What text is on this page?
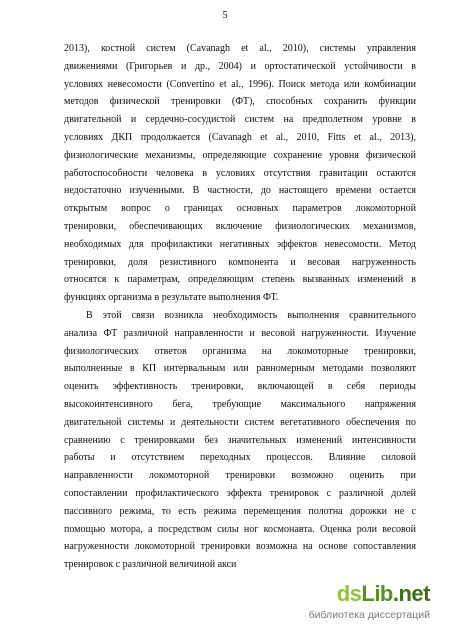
5
2013), костной систем (Cavanagh et al., 2010), системы управления
движениями (Григорьев и др., 2004) и ортостатической устойчивости в
условиях невесомости (Convertino et al., 1996). Поиск метода или комбинации
методов физической тренировки (ФТ), способных сохранить функции
двигательной и сердечно-сосудистой систем на предполетном уровне в
условиях ДКП продолжается (Cavanagh et al., 2010, Fitts et al., 2013),
физиологические механизмы, определяющие сохранение уровня физической
работоспособности человека в условиях отсутствия гравитации остаются
недостаточно изученными. В частности, до настоящего времени остается
открытым вопрос о границах основных параметров локомоторной
тренировки, обеспечивающих включение физиологических механизмов,
необходимых для профилактики негативных эффектов невесомости. Метод
тренировки, доля резистивного компонента и весовая нагруженность
относятся к параметрам, определяющим степень вызванных изменений в
функциях организма в результате выполнения ФТ.
В этой связи возникла необходимость выполнения сравнительного
анализа ФТ различной направленности и весовой нагруженности. Изучение
физиологических ответов организма на локомоторные тренировки,
выполненные в КП интервальным или равномерным методами позволяют
оценить эффективность тренировки, включающей в себя периоды
высокоинтенсивного бега, требующие максимального напряжения
двигательной системы и деятельности систем вегетативного обеспечения по
сравнению с тренировками без значительных изменений интенсивности
работы и отсутствием переходных процессов. Влияние силовой
направленности локомоторной тренировки возможно оценить при
сопоставлении профилактического эффекта тренировок с различной долей
пассивного режима, то есть режима перемещения полотна дорожки не с
помощью мотора, а посредством силы ног космонавта. Оценка роли весовой
нагруженности локомоторной тренировки возможна на основе сопоставления
тренировок с различной величиной акси
dsLib.net
библиотека диссертаций
